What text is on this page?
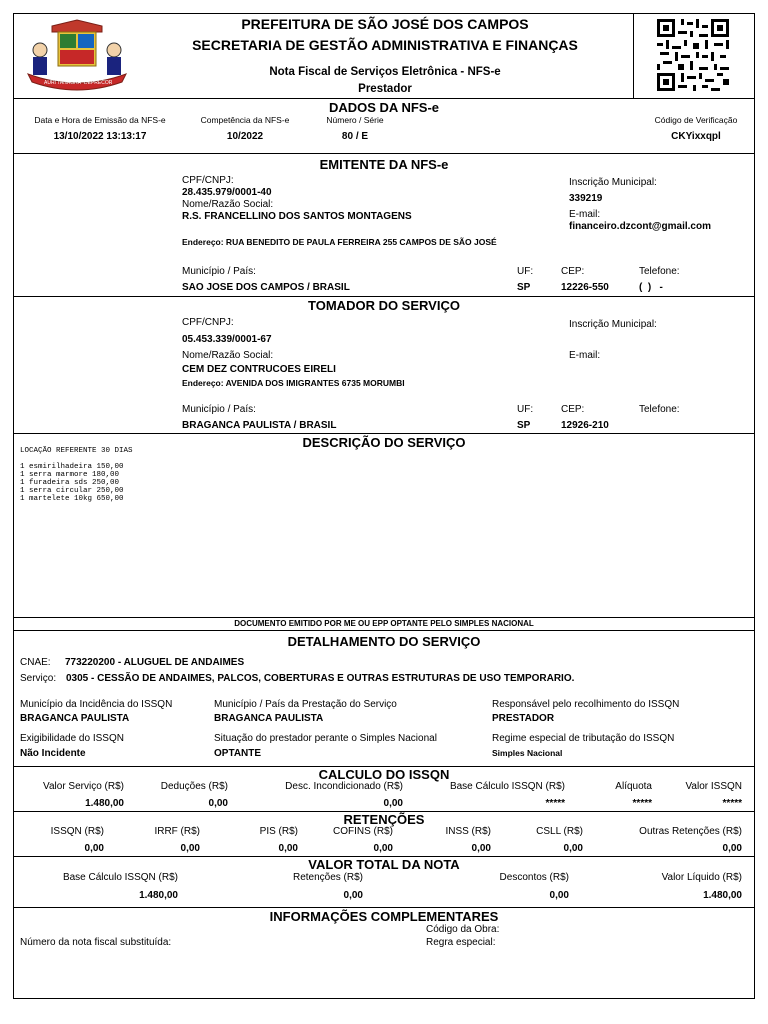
AURI TANAGRA DEPRECOR
PREFEITURA DE SÃO JOSÉ DOS CAMPOS
SECRETARIA DE GESTÃO ADMINISTRATIVA E FINANÇAS
Nota Fiscal de Serviços Eletrônica - NFS-e
Prestador
DADOS DA NFS-e
Data e Hora de Emissão da NFS-e
13/10/2022 13:13:17
Competência da NFS-e
10/2022
Número / Série
80 / E
Código de Verificação
CKYixxqpl
EMITENTE DA NFS-e
CPF/CNPJ:
28.435.979/0001-40
Nome/Razão Social:
R.S. FRANCELLINO DOS SANTOS MONTAGENS
Endereço: RUA BENEDITO DE PAULA FERREIRA 255 CAMPOS DE SÃO JOSÉ
Inscrição Municipal:
339219
E-mail:
financeiro.dzcont@gmail.com
Município / País:
SAO JOSE DOS CAMPOS / BRASIL
UF:
SP
CEP:
12226-550
Telefone:
(  )   -
TOMADOR DO SERVIÇO
CPF/CNPJ:
05.453.339/0001-67
Nome/Razão Social:
CEM DEZ CONTRUCOES EIRELI
Endereço: AVENIDA DOS IMIGRANTES 6735 MORUMBI
Inscrição Municipal:
E-mail:
Município / País:
BRAGANCA PAULISTA / BRASIL
UF:
SP
CEP:
12926-210
Telefone:
DESCRIÇÃO DO SERVIÇO
LOCAÇÃO REFERENTE 30 DIAS

1 esmirilhadeira 150,00
1 serra marmore 180,00
1 furadeira sds 250,00
1 serra circular 250,00
1 martelete 10kg 650,00
DOCUMENTO EMITIDO POR ME OU EPP OPTANTE PELO SIMPLES NACIONAL
DETALHAMENTO DO SERVIÇO
CNAE: 773220200 - ALUGUEL DE ANDAIMES
Serviço: 0305 - CESSÃO DE ANDAIMES, PALCOS, COBERTURAS E OUTRAS ESTRUTURAS DE USO TEMPORARIO.
Município da Incidência do ISSQN
BRAGANCA PAULISTA
Município / País da Prestação do Serviço
BRAGANCA PAULISTA
Responsável pelo recolhimento do ISSQN
PRESTADOR
Exigibilidade do ISSQN
Não Incidente
Situação do prestador perante o Simples Nacional
OPTANTE
Regime especial de tributação do ISSQN
Simples Nacional
CALCULO DO ISSQN
Valor Serviço (R$)
1.480,00
Deduções (R$)
0,00
Desc. Incondicionado (R$)
0,00
Base Cálculo ISSQN (R$)
*****
Alíquota
*****
Valor ISSQN
*****
RETENÇÕES
ISSQN (R$)
0,00
IRRF (R$)
0,00
PIS (R$)
0,00
COFINS (R$)
0,00
INSS (R$)
0,00
CSLL (R$)
0,00
Outras Retenções (R$)
0,00
VALOR TOTAL DA NOTA
Base Cálculo ISSQN (R$)
1.480,00
Retenções (R$)
0,00
Descontos (R$)
0,00
Valor Líquido (R$)
1.480,00
INFORMAÇÕES COMPLEMENTARES
Código da Obra:
Número da nota fiscal substituída:	Regra especial:
